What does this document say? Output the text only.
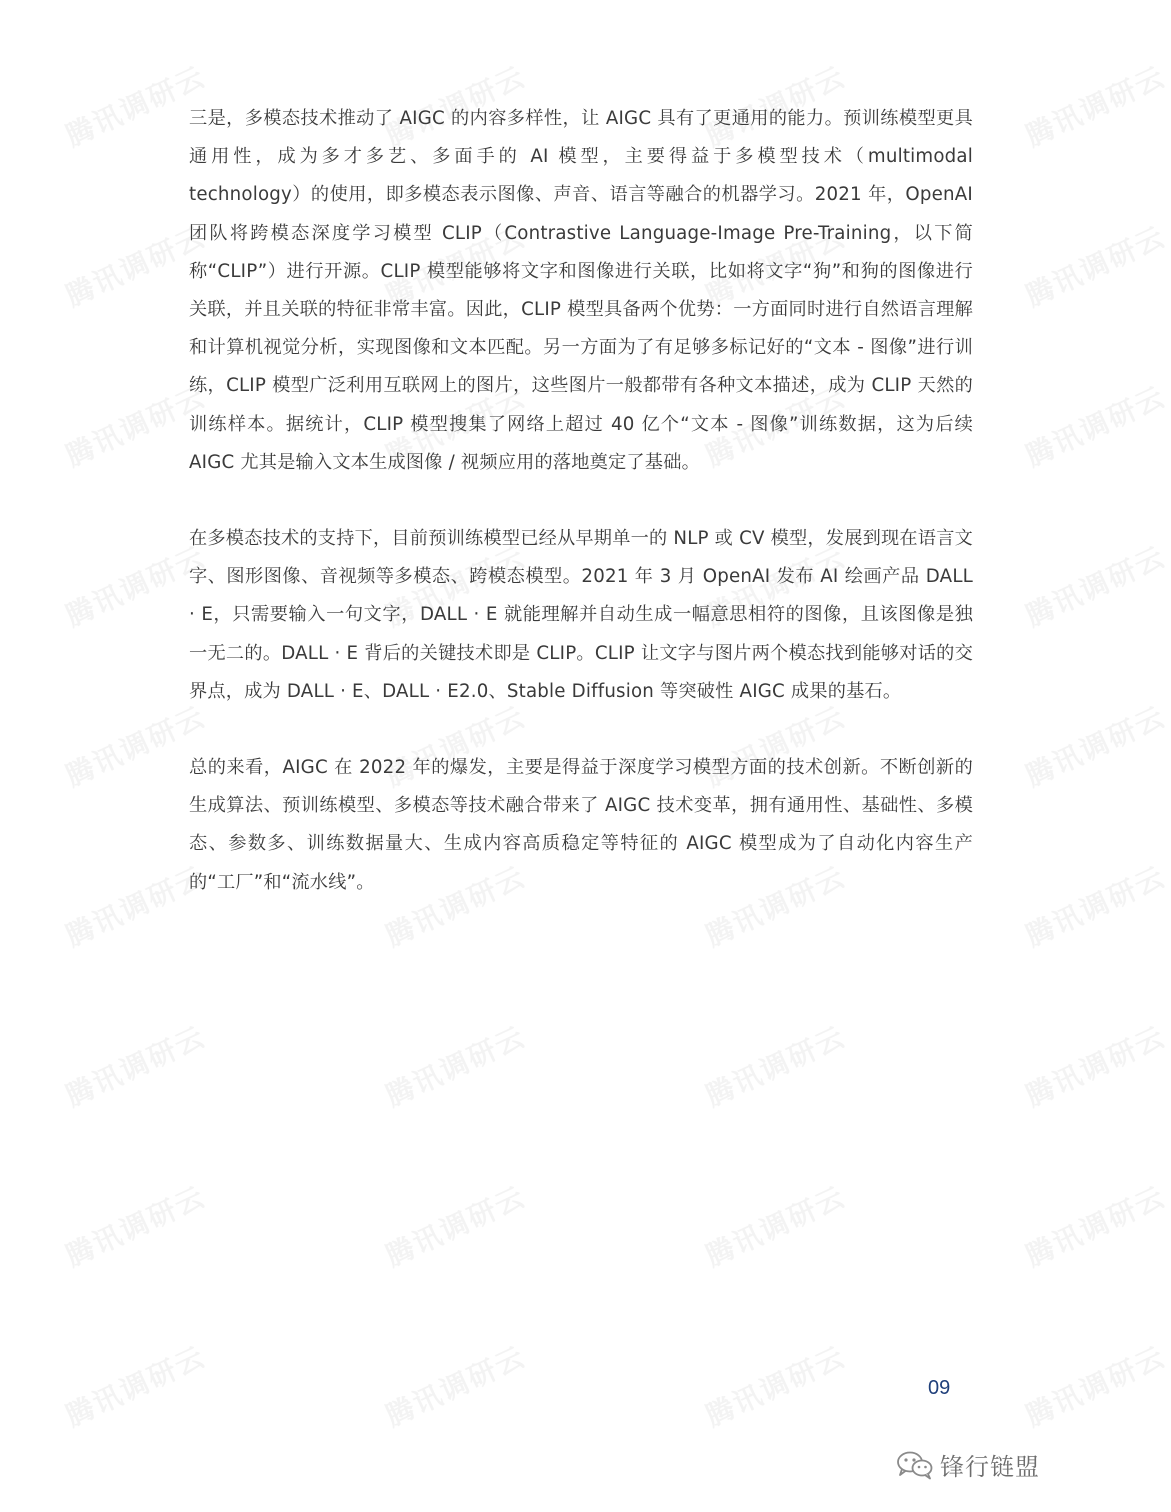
腾讯调研云	腾讯调研云	腾讯调研云	腾讯调研云
腾讯调研云	腾讯调研云	腾讯调研云	腾讯调研云
腾讯调研云	腾讯调研云	腾讯调研云	腾讯调研云
腾讯调研云	腾讯调研云	腾讯调研云	腾讯调研云
腾讯调研云	腾讯调研云	腾讯调研云	腾讯调研云
腾讯调研云	腾讯调研云	腾讯调研云	腾讯调研云
腾讯调研云	腾讯调研云	腾讯调研云	腾讯调研云
腾讯调研云	腾讯调研云	腾讯调研云	腾讯调研云
腾讯调研云	腾讯调研云	腾讯调研云	腾讯调研云

三是，多模态技术推动了 AIGC 的内容多样性，让 AIGC 具有了更通用的能力。预训练模型更具通用性，成为多才多艺、多面手的 AI 模型，主要得益于多模型技术（multimodal technology）的使用，即多模态表示图像、声音、语言等融合的机器学习。2021 年，OpenAI 团队将跨模态深度学习模型 CLIP（Contrastive Language-Image Pre-Training，以下简称“CLIP”）进行开源。CLIP 模型能够将文字和图像进行关联，比如将文字“狗”和狗的图像进行关联，并且关联的特征非常丰富。因此，CLIP 模型具备两个优势：一方面同时进行自然语言理解和计算机视觉分析，实现图像和文本匹配。另一方面为了有足够多标记好的“文本 - 图像”进行训练，CLIP 模型广泛利用互联网上的图片，这些图片一般都带有各种文本描述，成为 CLIP 天然的训练样本。据统计，CLIP 模型搜集了网络上超过 40 亿个“文本 - 图像”训练数据，这为后续 AIGC 尤其是输入文本生成图像 / 视频应用的落地奠定了基础。

在多模态技术的支持下，目前预训练模型已经从早期单一的 NLP 或 CV 模型，发展到现在语言文字、图形图像、音视频等多模态、跨模态模型。2021 年 3 月 OpenAI 发布 AI 绘画产品 DALL · E，只需要输入一句文字，DALL · E 就能理解并自动生成一幅意思相符的图像，且该图像是独一无二的。DALL · E 背后的关键技术即是 CLIP。CLIP 让文字与图片两个模态找到能够对话的交界点，成为 DALL · E、DALL · E2.0、Stable Diffusion 等突破性 AIGC 成果的基石。

总的来看，AIGC 在 2022 年的爆发，主要是得益于深度学习模型方面的技术创新。不断创新的生成算法、预训练模型、多模态等技术融合带来了 AIGC 技术变革，拥有通用性、基础性、多模态、参数多、训练数据量大、生成内容高质稳定等特征的 AIGC 模型成为了自动化内容生产的“工厂”和“流水线”。

09
锋行链盟
